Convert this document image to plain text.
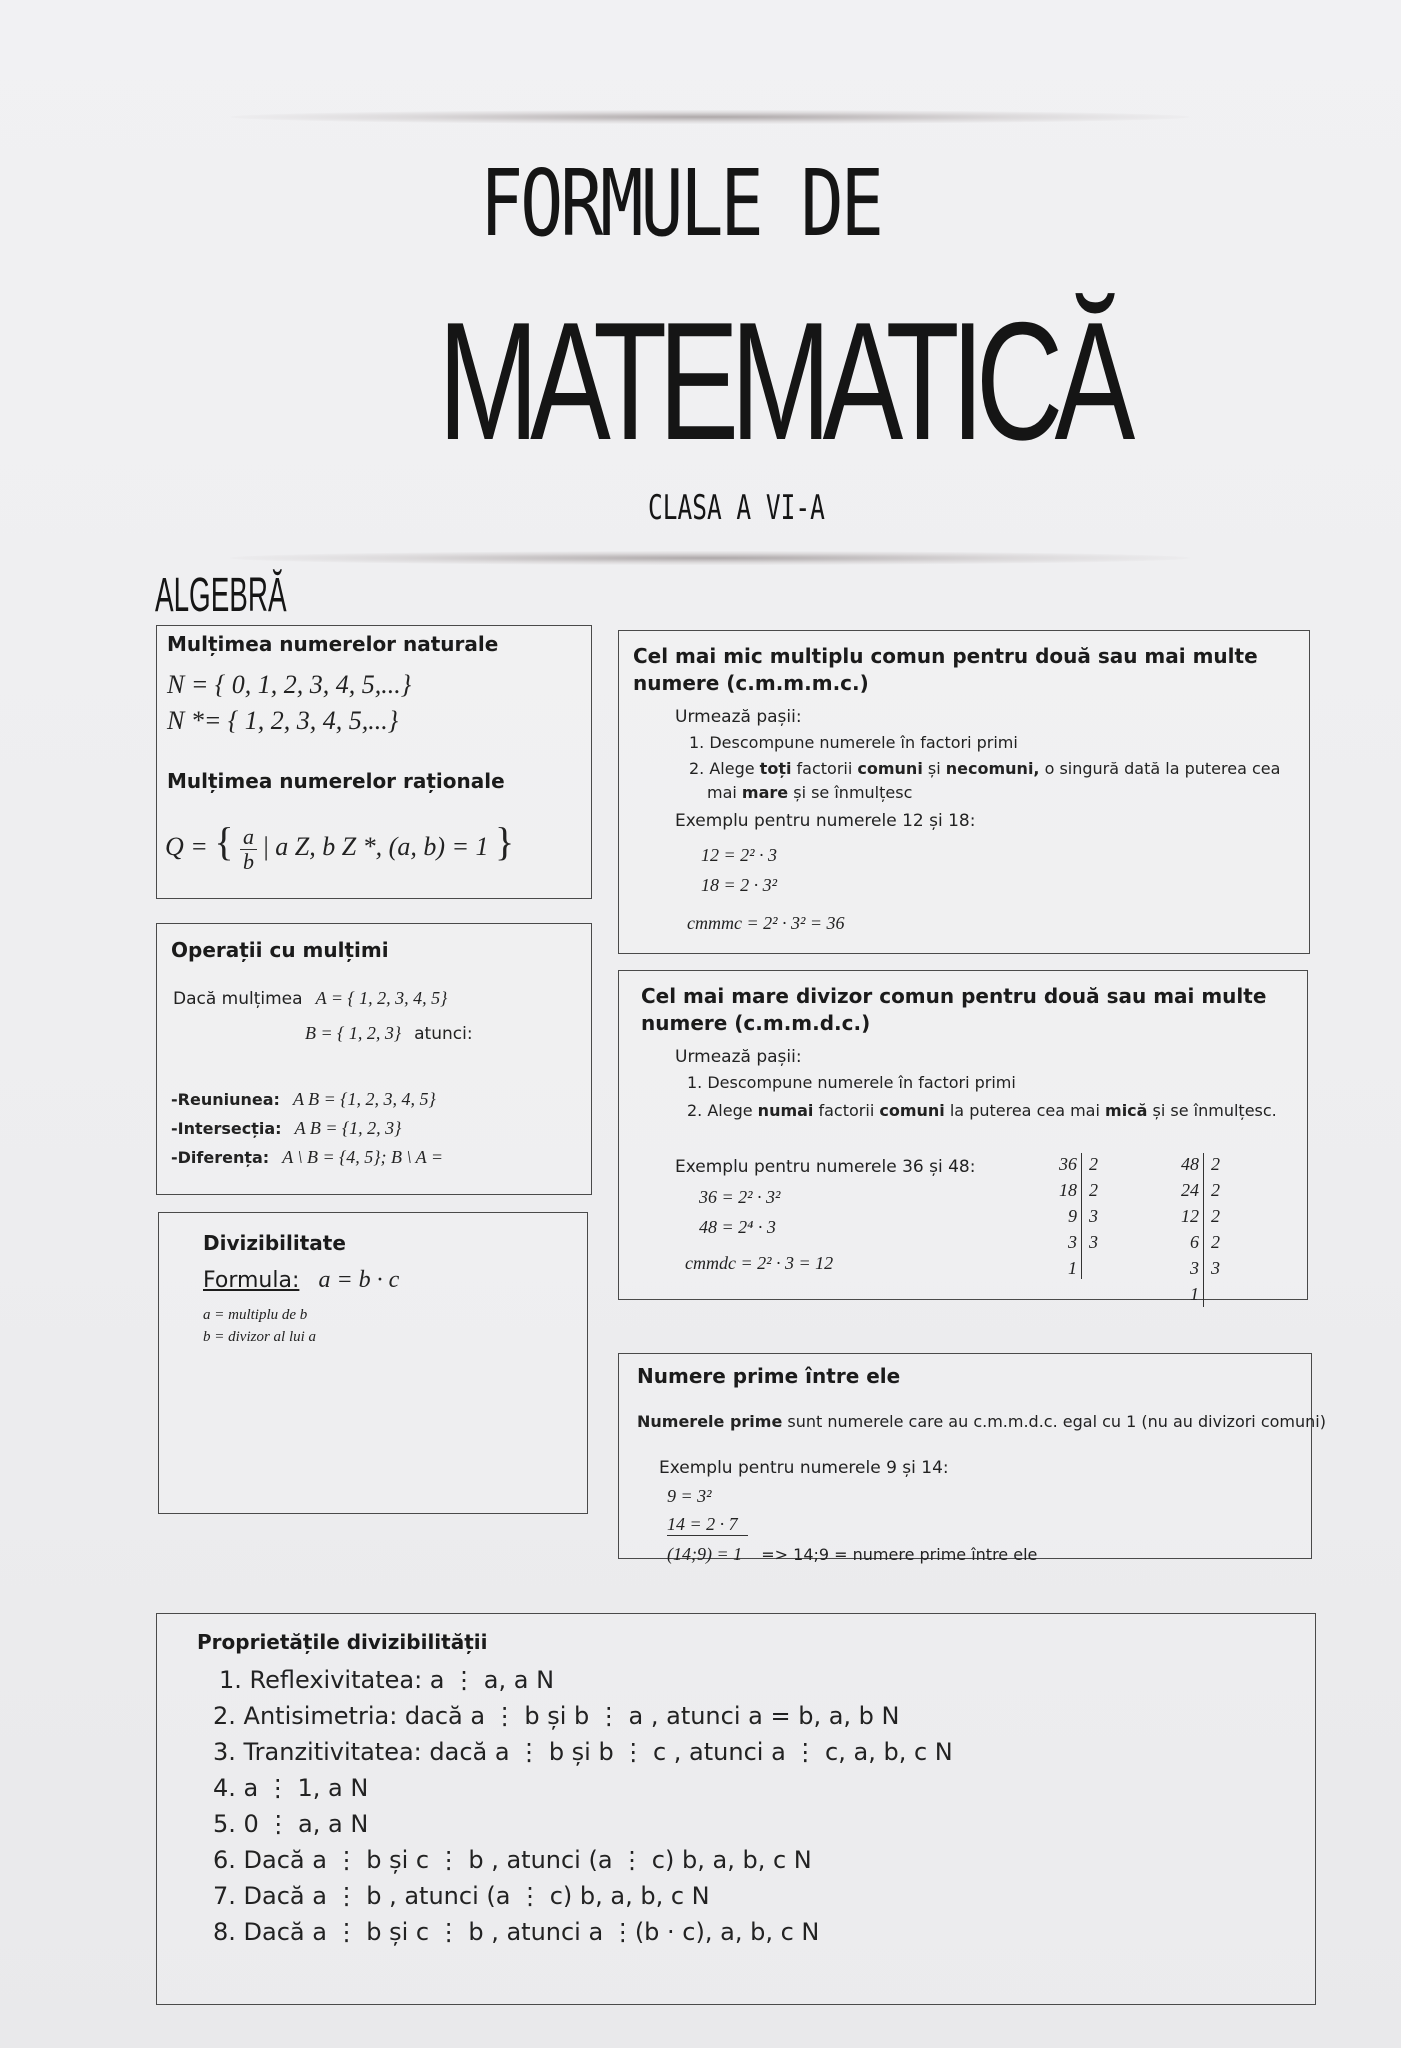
FORMULE DE
MATEMATICĂ
CLASA A VI-A
ALGEBRĂ
Mulțimea numerelor naturale
N = { 0, 1, 2, 3, 4, 5,...}
N *= { 1, 2, 3, 4, 5,...}
Mulțimea numerelor raționale
Q = { $\frac{a}{b}$ | a Z, b Z *, (a, b) = 1 }
Operații cu mulțimi
Dacă mulțimea A = { 1, 2, 3, 4, 5}
B = { 1, 2, 3} atunci:
-Reuniunea: A B = {1, 2, 3, 4, 5}
-Intersecția: A B = {1, 2, 3}
-Diferența: A \ B = {4, 5}; B \ A =
Divizibilitate
Formula: a = b · c
a = multiplu de b
b = divizor al lui a
Cel mai mic multiplu comun pentru două sau mai multe numere (c.m.m.m.c.)
Urmează pașii:
1. Descompune numerele în factori primi
2. Alege toți factorii comuni și necomuni, o singură dată la puterea cea
mai mare și se înmulțesc
Exemplu pentru numerele 12 și 18:
12 = 2² · 3
18 = 2 · 3²
cmmmc = 2² · 3² = 36
Cel mai mare divizor comun pentru două sau mai multe numere (c.m.m.d.c.)
Urmează pașii:
1. Descompune numerele în factori primi
2. Alege numai factorii comuni la puterea cea mai mică și se înmulțesc.
Exemplu pentru numerele 36 și 48:
36 = 2² · 3²
48 = 2⁴ · 3
cmmdc = 2² · 3 = 12
36
18
9
3
1
2
2
3
3
48
24
12
6
3
1
2
2
2
2
3
Numere prime între ele
Numerele prime sunt numerele care au c.m.m.d.c. egal cu 1 (nu au divizori comuni)
Exemplu pentru numerele 9 și 14:
9 = 3²
14 = 2 · 7
(14;9) = 1 => 14;9 = numere prime între ele
Proprietățile divizibilității
1. Reflexivitatea: a ⋮ a, a N
2. Antisimetria: dacă a ⋮ b și b ⋮ a , atunci a = b, a, b N
3. Tranzitivitatea: dacă a ⋮ b și b ⋮ c , atunci a ⋮ c, a, b, c N
4. a ⋮ 1, a N
5. 0 ⋮ a, a N
6. Dacă a ⋮ b și c ⋮ b , atunci (a ⋮ c) b, a, b, c N
7. Dacă a ⋮ b , atunci (a ⋮ c) b, a, b, c N
8. Dacă a ⋮ b și c ⋮ b , atunci a ⋮(b · c), a, b, c N
